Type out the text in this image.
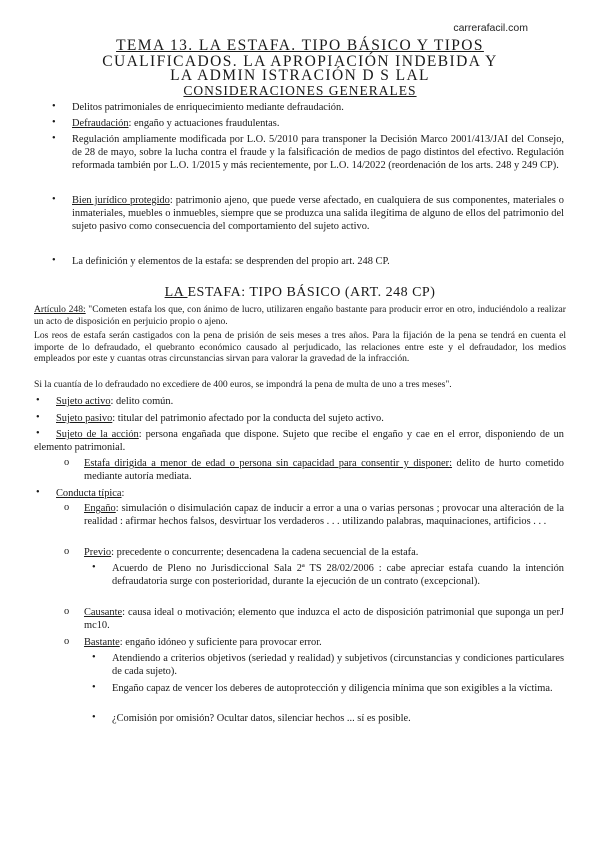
carrerafacil.com
TEMA 13. LA ESTAFA. TIPO BÁSICO Y TIPOS
CUALIFICADOS. LA APROPIACIÓN INDEBIDA Y
LA ADMIN ISTRACIÓN D S LAL
CONSIDERACIONES GENERALES
• Delitos patrimoniales de enriquecimiento mediante defraudación.
• Defraudación: engaño y actuaciones fraudulentas.
• Regulación ampliamente modificada por L.O. 5/2010 para transponer la Decisión Marco 2001/413/JAI del Consejo, de 28 de mayo, sobre la lucha contra el fraude y la falsificación de medios de pago distintos del efectivo. Regulación reformada también por L.O. 1/2015 y más recientemente, por L.O. 14/2022 (reordenación de los arts. 248 y 249 CP).
• Bien jurídico protegido: patrimonio ajeno, que puede verse afectado, en cualquiera de sus componentes, materiales o inmateriales, muebles o inmuebles, siempre que se produzca una salida ilegítima de alguno de ellos del patrimonio del sujeto pasivo como consecuencia del comportamiento del sujeto activo.
• La definición y elementos de la estafa: se desprenden del propio art. 248 CP.
LA ESTAFA: TIPO BÁSICO (ART. 248 CP)
Artículo 248: "Cometen estafa los que, con ánimo de lucro, utilizaren engaño bastante para producir error en otro, induciéndolo a realizar un acto de disposición en perjuicio propio o ajeno.
Los reos de estafa serán castigados con la pena de prisión de seis meses a tres años. Para la fijación de la pena se tendrá en cuenta el importe de lo defraudado, el quebranto económico causado al perjudicado, las relaciones entre este y el defraudador, los medios empleados por este y cuantas otras circunstancias sirvan para valorar la gravedad de la infracción.
Si la cuantía de lo defraudado no excediere de 400 euros, se impondrá la pena de multa de uno a tres meses".
• Sujeto activo: delito común.
• Sujeto pasivo: titular del patrimonio afectado por la conducta del sujeto activo.
•	Sujeto de la acción: persona engañada que dispone. Sujeto que recibe el engaño y cae en el error, disponiendo de un elemento patrimonial.
o Estafa dirigida a menor de edad o persona sin capacidad para consentir y disponer: delito de hurto cometido mediante autoría mediata.
• Conducta típica:
o Engaño: simulación o disimulación capaz de inducir a error a una o varias personas ; provocar una alteración de la realidad : afirmar hechos falsos, desvirtuar los verdaderos . . . utilizando palabras, maquinaciones, artificios . . .
o Previo: precedente o concurrente; desencadena la cadena secuencial de la estafa.
• Acuerdo de Pleno no Jurisdiccional Sala 2ª TS 28/02/2006 : cabe apreciar estafa cuando la intención defraudatoria surge con posterioridad, durante la ejecución de un contrato (excepcional).
o Causante: causa ideal o motivación; elemento que induzca el acto de disposición patrimonial que suponga un perJ mc10.
o Bastante: engaño idóneo y suficiente para provocar error.
• Atendiendo a criterios objetivos (seriedad y realidad) y subjetivos (circunstancias y condiciones particulares de cada sujeto).
• Engaño capaz de vencer los deberes de autoprotección y diligencia mínima que son exigibles a la víctima.
• ¿Comisión por omisión? Ocultar datos, silenciar hechos ... sí es posible.
